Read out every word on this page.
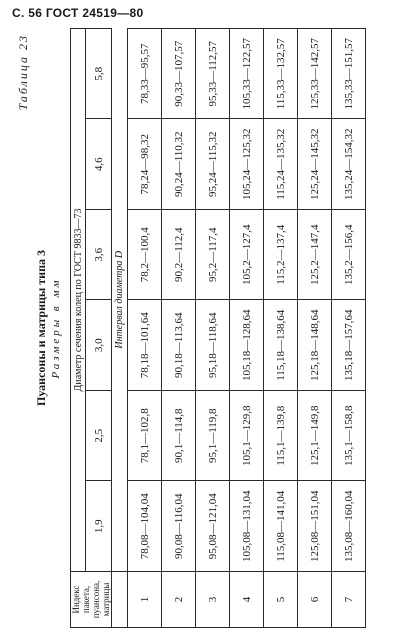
С. 56 ГОСТ 24519—80
Таблица 23
Пуансоны и матрицы типа 3 Размеры в мм
Индекс пакета, пуансона, матрицы	Диаметр сечения колец по ГОСТ 9833—73					
	1,9	2,5	3,0	3,6	4,6	5,8
	Интервал диаметра D					
1	78,08—104,04	78,1—102,8	78,18—101,64	78,2—100,4	78,24—98,32	78,33—95,57
2	90,08—116,04	90,1—114,8	90,18—113,64	90,2—112,4	90,24—110,32	90,33—107,57
3	95,08—121,04	95,1—119,8	95,18—118,64	95,2—117,4	95,24—115,32	95,33—112,57
4	105,08—131,04	105,1—129,8	105,18—128,64	105,2—127,4	105,24—125,32	105,33—122,57
5	115,08—141,04	115,1—139,8	115,18—138,64	115,2—137,4	115,24—135,32	115,33—132,57
6	125,08—151,04	125,1—149,8	125,18—148,64	125,2—147,4	125,24—145,32	125,33—142,57
7	135,08—160,04	135,1—158,8	135,18—157,64	135,2—156,4	135,24—154,32	135,33—151,57
